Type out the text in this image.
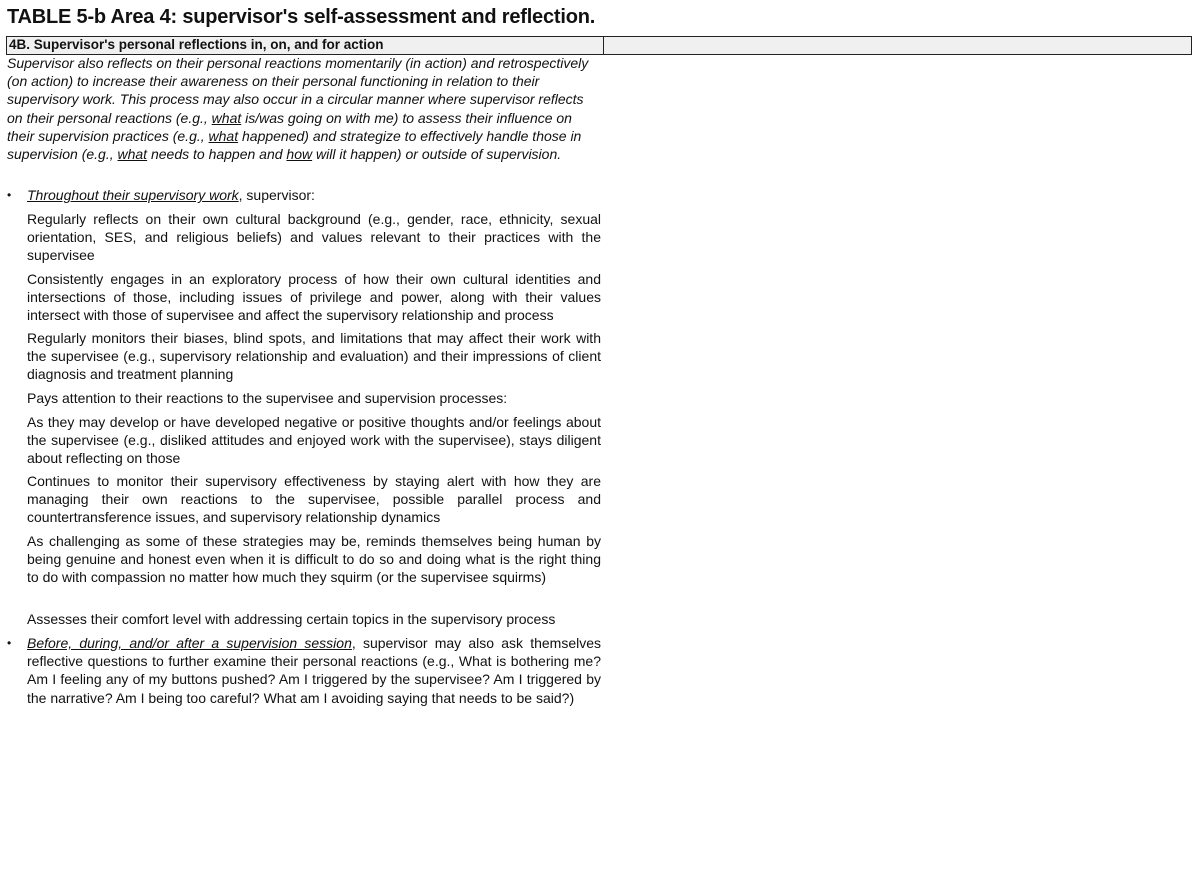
TABLE 5-b Area 4: supervisor's self-assessment and reflection.
4B. Supervisor's personal reflections in, on, and for action
Supervisor also reflects on their personal reactions momentarily (in action) and retrospectively (on action) to increase their awareness on their personal functioning in relation to their supervisory work. This process may also occur in a circular manner where supervisor reflects on their personal reactions (e.g., what is/was going on with me) to assess their influence on their supervision practices (e.g., what happened) and strategize to effectively handle those in supervision (e.g., what needs to happen and how will it happen) or outside of supervision.
• Throughout their supervisory work, supervisor:
Regularly reflects on their own cultural background (e.g., gender, race, ethnicity, sexual orientation, SES, and religious beliefs) and values relevant to their practices with the supervisee
Consistently engages in an exploratory process of how their own cultural identities and intersections of those, including issues of privilege and power, along with their values intersect with those of supervisee and affect the supervisory relationship and process
Regularly monitors their biases, blind spots, and limitations that may affect their work with the supervisee (e.g., supervisory relationship and evaluation) and their impressions of client diagnosis and treatment planning
Pays attention to their reactions to the supervisee and supervision processes:
As they may develop or have developed negative or positive thoughts and/or feelings about the supervisee (e.g., disliked attitudes and enjoyed work with the supervisee), stays diligent about reflecting on those
Continues to monitor their supervisory effectiveness by staying alert with how they are managing their own reactions to the supervisee, possible parallel process and countertransference issues, and supervisory relationship dynamics
As challenging as some of these strategies may be, reminds themselves being human by being genuine and honest even when it is difficult to do so and doing what is the right thing to do with compassion no matter how much they squirm (or the supervisee squirms)
Assesses their comfort level with addressing certain topics in the supervisory process
• Before, during, and/or after a supervision session, supervisor may also ask themselves reflective questions to further examine their personal reactions (e.g., What is bothering me? Am I feeling any of my buttons pushed? Am I triggered by the supervisee? Am I triggered by the narrative? Am I being too careful? What am I avoiding saying that needs to be said?)
